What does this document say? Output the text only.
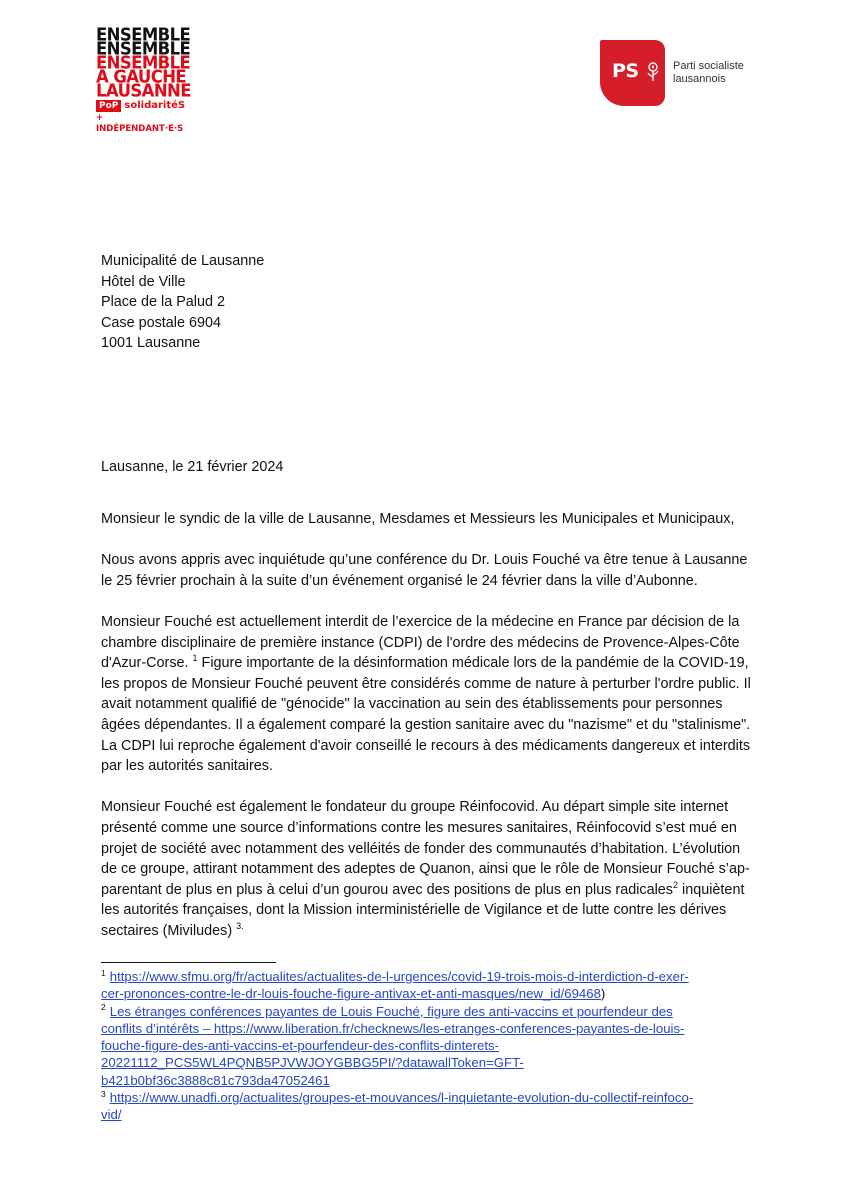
ENSEMBLE
ENSEMBLE
ENSEMBLE
A GAUCHE
LAUSANNE
PoP solidaritéS
+ INDÉPENDANT·E·S
PS	Parti socialiste
lausannois
Municipalité de Lausanne
Hôtel de Ville
Place de la Palud 2
Case postale 6904
1001 Lausanne
Lausanne, le 21 février 2024

Monsieur le syndic de la ville de Lausanne, Mesdames et Messieurs les Municipales et Municipaux,

Nous avons appris avec inquiétude qu’une conférence du Dr. Louis Fouché va être tenue à Lausanne le 25 février prochain à la suite d’un événement organisé le 24 février dans la ville d’Aubonne.

Monsieur Fouché est actuellement interdit de l’exercice de la médecine en France par décision de la chambre disciplinaire de première instance (CDPI) de l'ordre des médecins de Provence-Alpes-Côte d'Azur-Corse. $^1$ Figure importante de la désinformation médicale lors de la pandémie de la COVID-19, les propos de Monsieur Fouché peuvent être considérés comme de nature à perturber l'ordre public. Il avait notamment qualifié de "génocide" la vaccination au sein des établissements pour personnes âgées dépendantes. Il a également comparé la gestion sanitaire avec du "nazisme" et du "stalinisme". La CDPI lui reproche également d'avoir conseillé le recours à des médicaments dangereux et interdits par les autorités sanitaires.

Monsieur Fouché est également le fondateur du groupe Réinfocovid. Au départ simple site internet présenté comme une source d’informations contre les mesures sanitaires, Réinfocovid s’est mué en projet de société avec notamment des velléités de fonder des communautés d’habitation. L’évolution de ce groupe, attirant notamment des adeptes de Quanon, ainsi que le rôle de Monsieur Fouché s’ap-
parentant de plus en plus à celui d’un gourou avec des positions de plus en plus radicales$^2$ inquiètent les autorités françaises, dont la Mission interministérielle de Vigilance et de lutte contre les dérives sectaires (Miviludes) $^{3.}$

$^1$ https://www.sfmu.org/fr/actualites/actualites-de-l-urgences/covid-19-trois-mois-d-interdiction-d-exer-
cer-prononces-contre-le-dr-louis-fouche-figure-antivax-et-anti-masques/new_id/69468)

$^2$ Les étranges conférences payantes de Louis Fouché, figure des anti-vaccins et pourfendeur des
conflits d’intérêts – https://www.liberation.fr/checknews/les-etranges-conferences-payantes-de-louis-
fouche-figure-des-anti-vaccins-et-pourfendeur-des-conflits-dinterets-
20221112_PCS5WL4PQNB5PJVWJOYGBBG5PI/?datawallToken=GFT-
b421b0bf36c3888c81c793da47052461

$^3$ https://www.unadfi.org/actualites/groupes-et-mouvances/l-inquietante-evolution-du-collectif-reinfoco-
vid/
